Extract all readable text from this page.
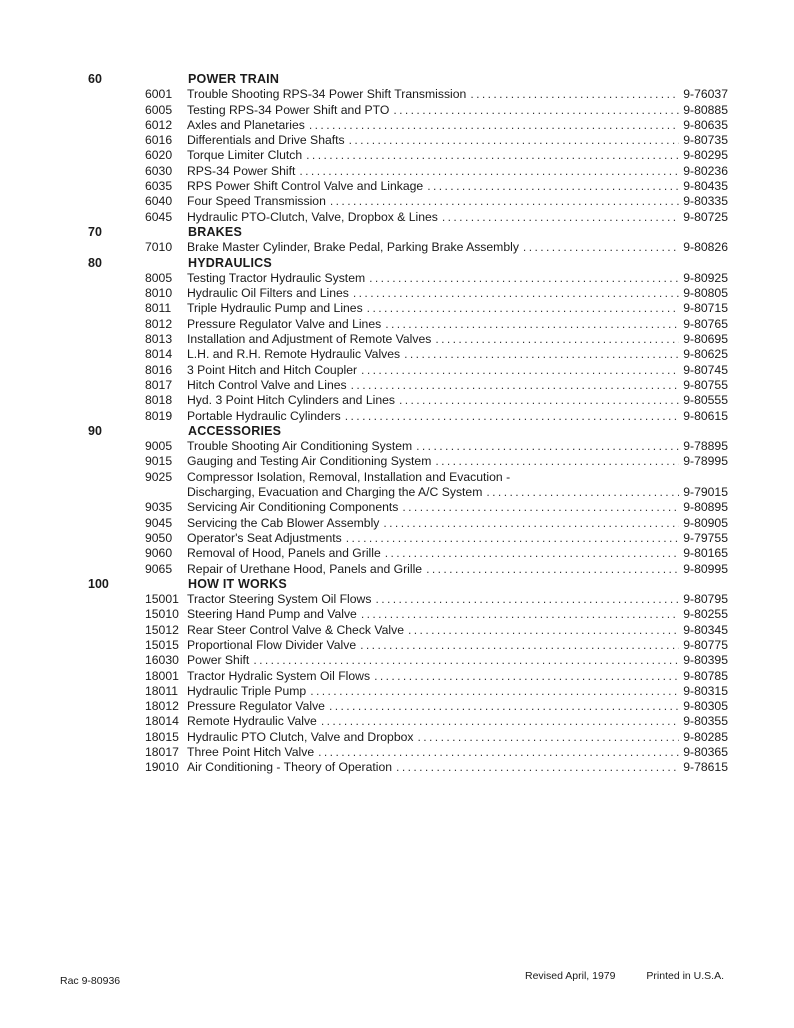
60	POWER TRAIN
6001	Trouble Shooting RPS-34 Power Shift Transmission . . .	9-76037
6005	Testing RPS-34 Power Shift and PTO . . .	9-80885
6012	Axles and Planetaries . . .	9-80635
6016	Differentials and Drive Shafts . . .	9-80735
6020	Torque Limiter Clutch . . .	9-80295
6030	RPS-34 Power Shift . . .	9-80236
6035	RPS Power Shift Control Valve and Linkage . . .	9-80435
6040	Four Speed Transmission . . .	9-80335
6045	Hydraulic PTO-Clutch, Valve, Dropbox & Lines . . .	9-80725
70	BRAKES
7010	Brake Master Cylinder, Brake Pedal, Parking Brake Assembly . . .	9-80826
80	HYDRAULICS
8005	Testing Tractor Hydraulic System . . .	9-80925
8010	Hydraulic Oil Filters and Lines . . .	9-80805
8011	Triple Hydraulic Pump and Lines . . .	9-80715
8012	Pressure Regulator Valve and Lines . . .	9-80765
8013	Installation and Adjustment of Remote Valves . . .	9-80695
8014	L.H. and R.H. Remote Hydraulic Valves . . .	9-80625
8016	3 Point Hitch and Hitch Coupler . . .	9-80745
8017	Hitch Control Valve and Lines . . .	9-80755
8018	Hyd. 3 Point Hitch Cylinders and Lines . . .	9-80555
8019	Portable Hydraulic Cylinders . . .	9-80615
90	ACCESSORIES
9005	Trouble Shooting Air Conditioning System . . .	9-78895
9015	Gauging and Testing Air Conditioning System . . .	9-78995
9025	Compressor Isolation, Removal, Installation and Evacution -
Discharging, Evacuation and Charging the A/C System . . .	9-79015
9035	Servicing Air Conditioning Components . . .	9-80895
9045	Servicing the Cab Blower Assembly . . .	9-80905
9050	Operator's Seat Adjustments . . .	9-79755
9060	Removal of Hood, Panels and Grille . . .	9-80165
9065	Repair of Urethane Hood, Panels and Grille . . .	9-80995
100	HOW IT WORKS
15001 Tractor Steering System Oil Flows . . .	9-80795
15010 Steering Hand Pump and Valve . . .	9-80255
15012 Rear Steer Control Valve & Check Valve . . .	9-80345
15015 Proportional Flow Divider Valve . . .	9-80775
16030 Power Shift . . .	9-80395
18001 Tractor Hydralic System Oil Flows . . .	9-80785
18011 Hydraulic Triple Pump . . .	9-80315
18012 Pressure Regulator Valve . . .	9-80305
18014 Remote Hydraulic Valve . . .	9-80355
18015 Hydraulic PTO Clutch, Valve and Dropbox . . .	9-80285
18017 Three Point Hitch Valve . . .	9-80365
19010 Air Conditioning - Theory of Operation . . .	9-78615
Rac 9-80936	Revised April, 1979	Printed in U.S.A.
